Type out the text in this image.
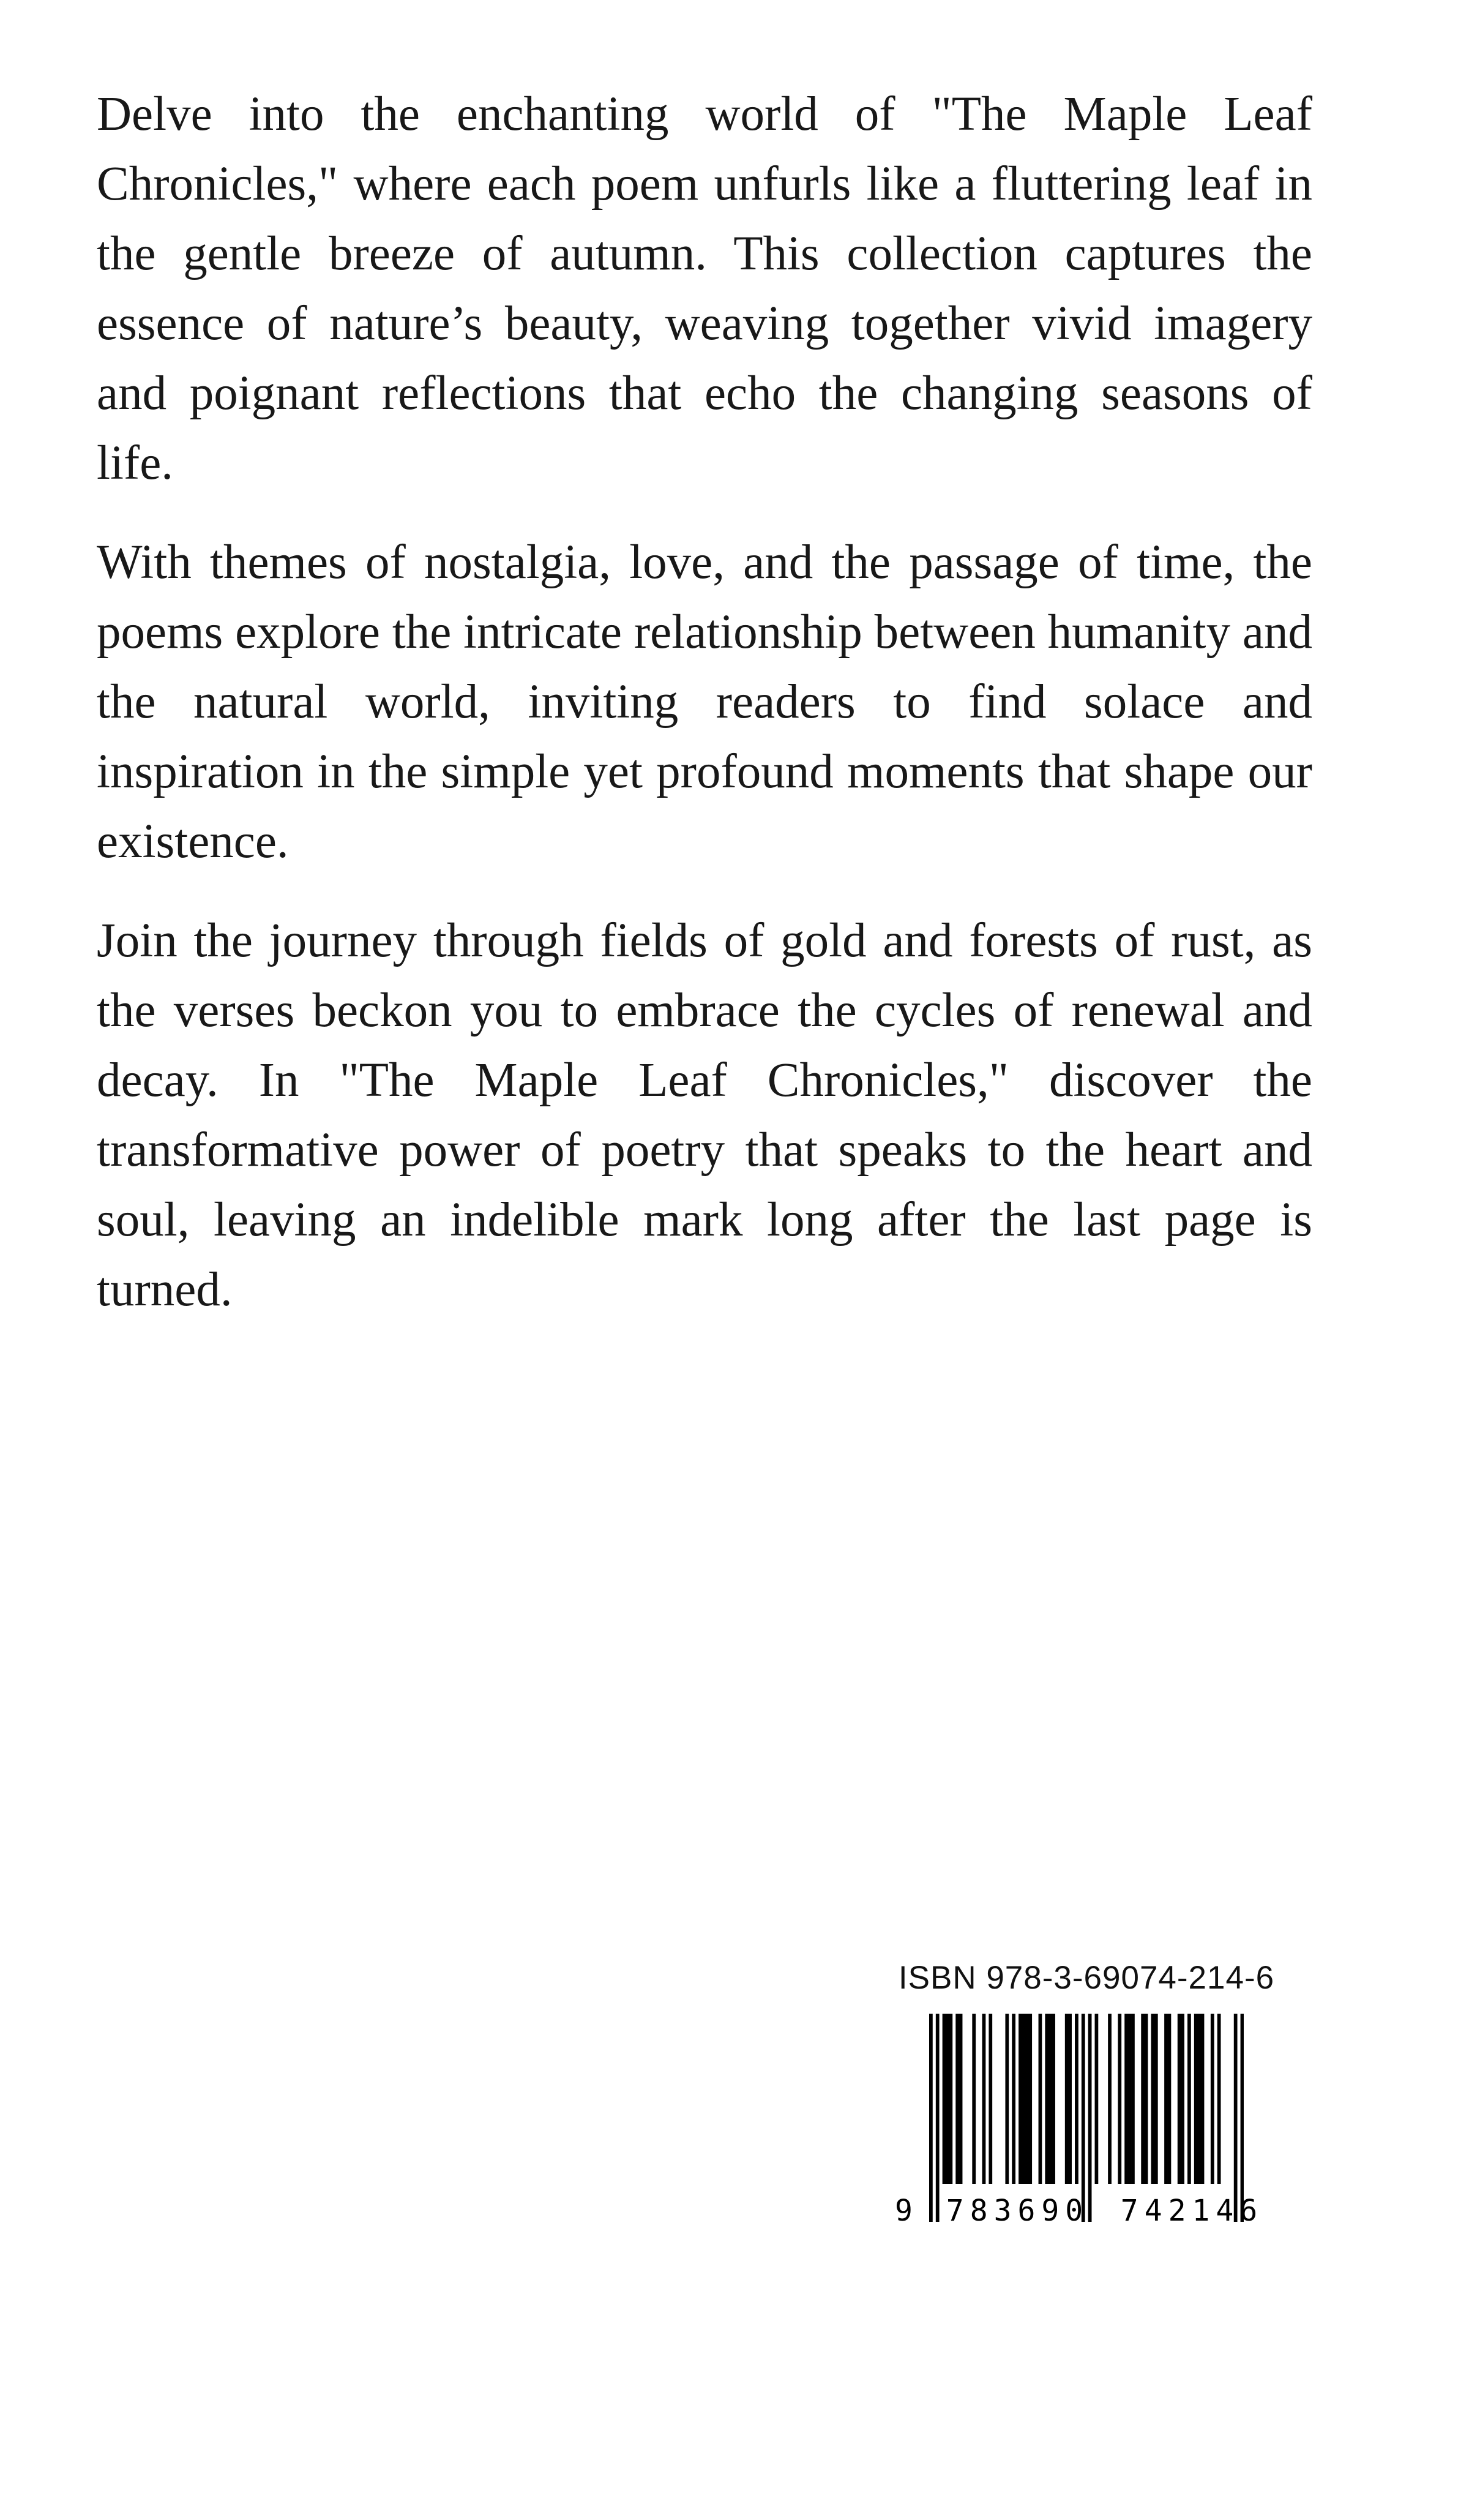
Delve into the enchanting world of "The Maple Leaf Chronicles," where each poem unfurls like a fluttering leaf in the gentle breeze of autumn. This collection captures the essence of nature’s beauty, weaving together vivid imagery and poignant reflections that echo the changing seasons of life.

With themes of nostalgia, love, and the passage of time, the poems explore the intricate relationship between humanity and the natural world, inviting readers to find solace and inspiration in the simple yet profound moments that shape our existence.

Join the journey through fields of gold and forests of rust, as the verses beckon you to embrace the cycles of renewal and decay. In "The Maple Leaf Chronicles," discover the transformative power of poetry that speaks to the heart and soul, leaving an indelible mark long after the last page is turned.

ISBN 978-3-69074-214-6
9	783690	742146
